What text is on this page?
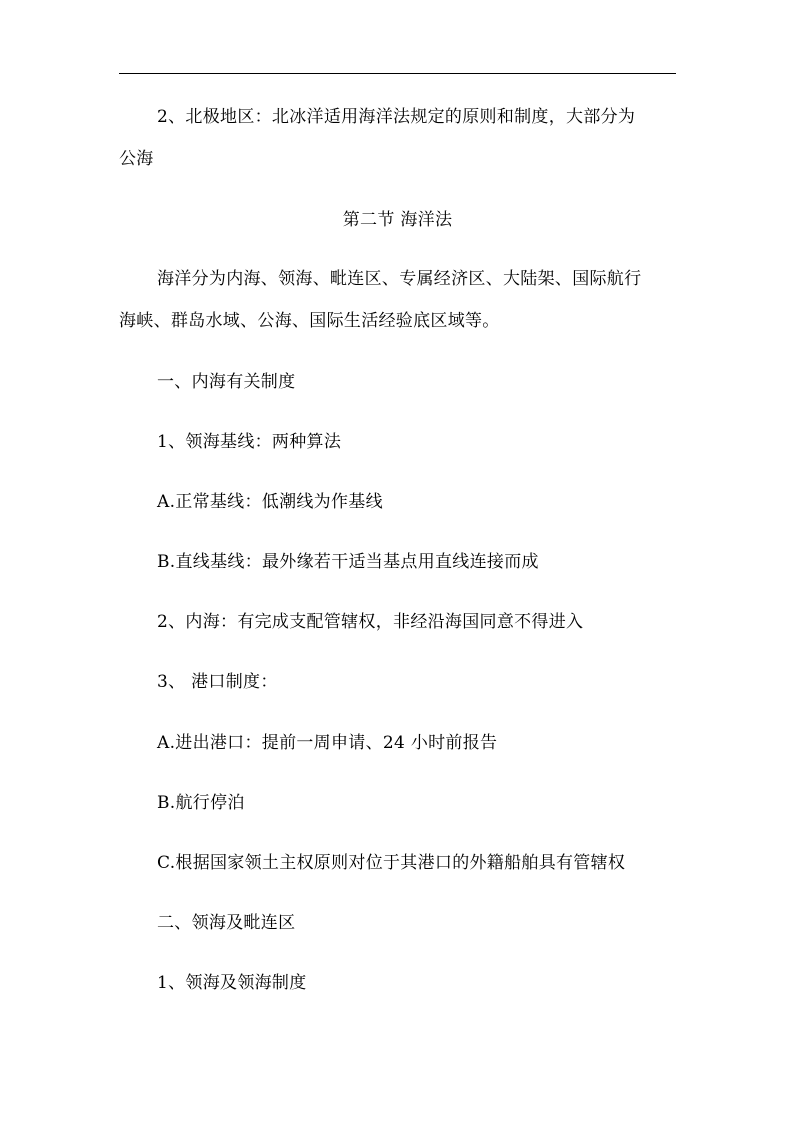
2、北极地区：北冰洋适用海洋法规定的原则和制度，大部分为
公海
第二节 海洋法
海洋分为内海、领海、毗连区、专属经济区、大陆架、国际航行
海峡、群岛水域、公海、国际生活经验底区域等。
一、内海有关制度
1、领海基线：两种算法
A.正常基线：低潮线为作基线
B.直线基线：最外缘若干适当基点用直线连接而成
2、内海：有完成支配管辖权，非经沿海国同意不得进入
3、 港口制度：
A.进出港口：提前一周申请、24 小时前报告
B.航行停泊
C.根据国家领土主权原则对位于其港口的外籍船舶具有管辖权
二、领海及毗连区
1、领海及领海制度
